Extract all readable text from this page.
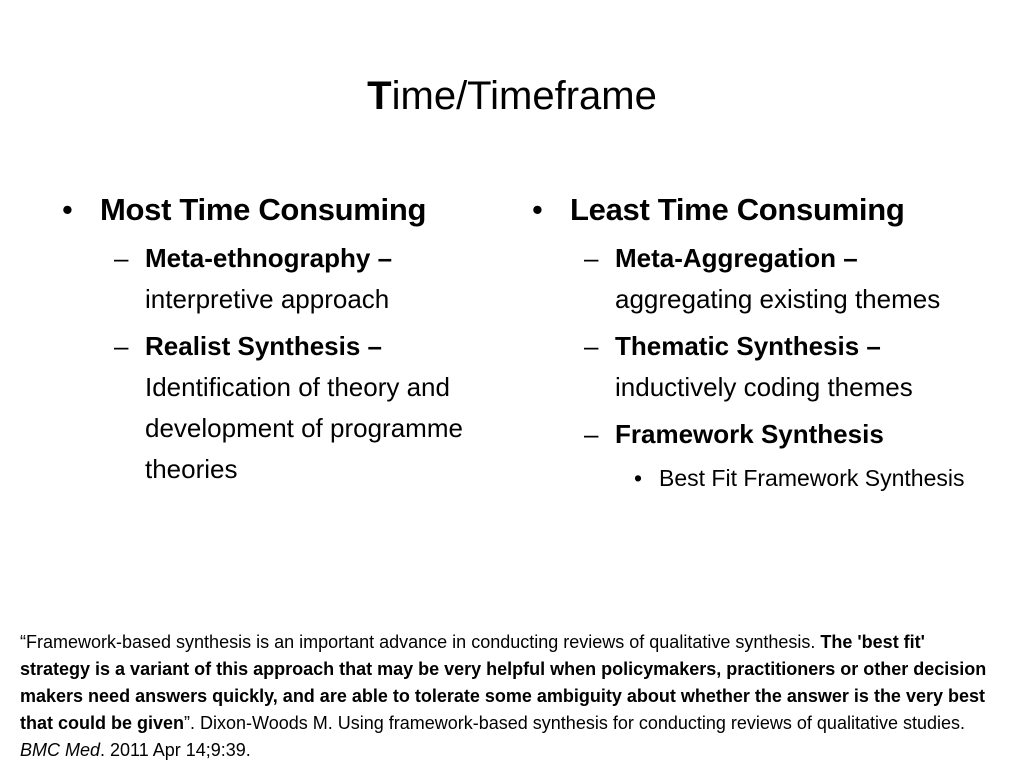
Time/Timeframe
• Most Time Consuming
– Meta-ethnography – interpretive approach
– Realist Synthesis – Identification of theory and development of programme theories
• Least Time Consuming
– Meta-Aggregation – aggregating existing themes
– Thematic Synthesis – inductively coding themes
– Framework Synthesis
• Best Fit Framework Synthesis
“Framework-based synthesis is an important advance in conducting reviews of qualitative synthesis. The 'best fit' strategy is a variant of this approach that may be very helpful when policymakers, practitioners or other decision makers need answers quickly, and are able to tolerate some ambiguity about whether the answer is the very best that could be given”. Dixon-Woods M. Using framework-based synthesis for conducting reviews of qualitative studies. BMC Med. 2011 Apr 14;9:39.
